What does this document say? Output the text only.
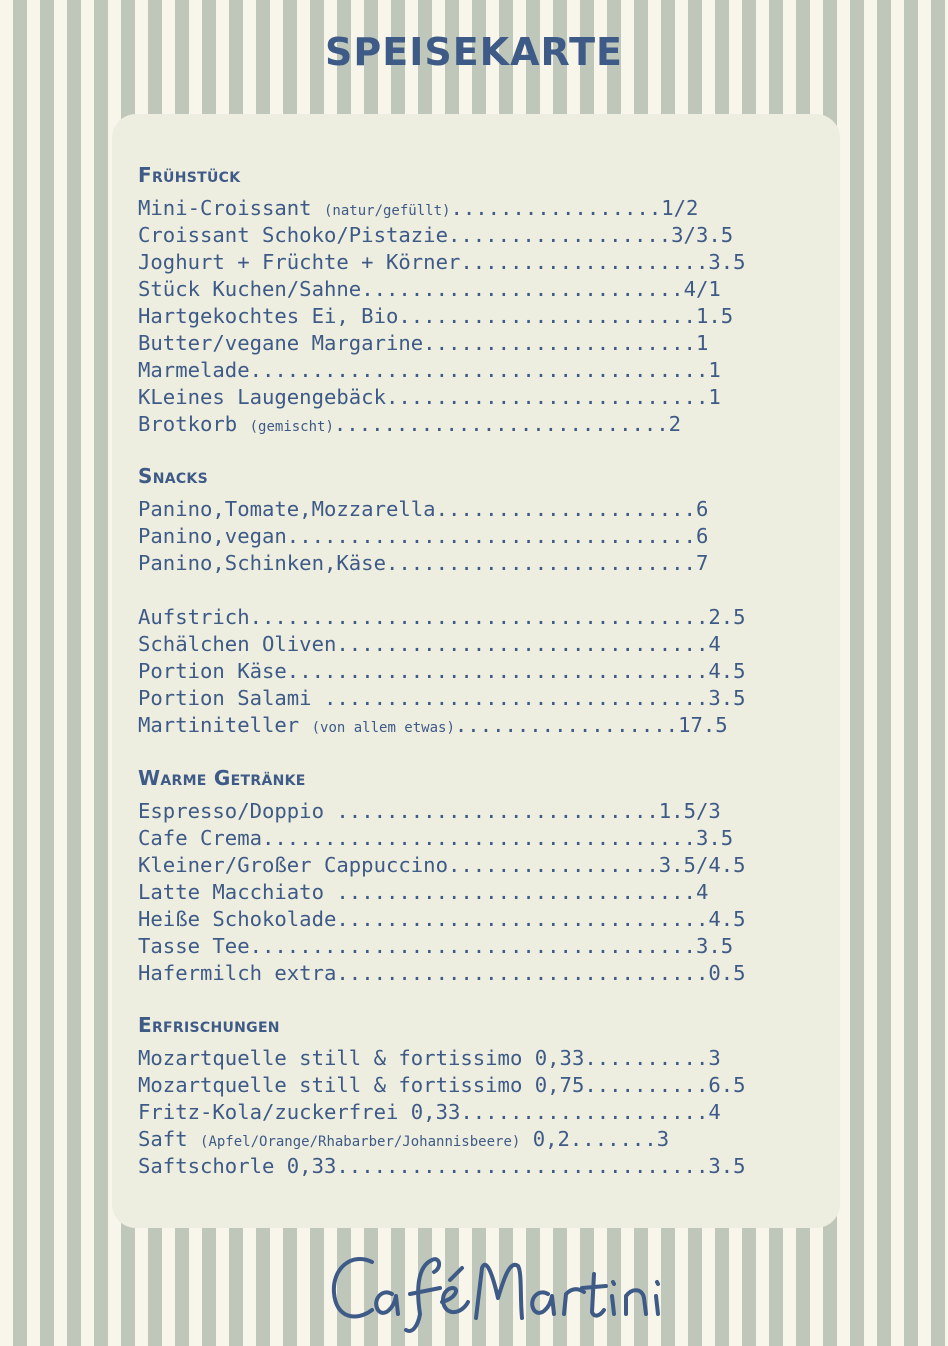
SPEISEKARTE
Frühstück

Mini-Croissant (natur/gefüllt).................1/2

Croissant Schoko/Pistazie..................3/3.5

Joghurt + Früchte + Körner....................3.5

Stück Kuchen/Sahne..........................4/1

Hartgekochtes Ei, Bio........................1.5

Butter/vegane Margarine......................1

Marmelade.....................................1

KLeines Laugengebäck..........................1

Brotkorb (gemischt)...........................2

Snacks

Panino,Tomate,Mozzarella.....................6

Panino,vegan.................................6

Panino,Schinken,Käse.........................7

Aufstrich.....................................2.5

Schälchen Oliven..............................4

Portion Käse..................................4.5

Portion Salami ...............................3.5

Martiniteller (von allem etwas)..................17.5

Warme Getränke

Espresso/Doppio ..........................1.5/3

Cafe Crema...................................3.5

Kleiner/Großer Cappuccino.................3.5/4.5

Latte Macchiato .............................4

Heiße Schokolade..............................4.5

Tasse Tee....................................3.5

Hafermilch extra..............................0.5

Erfrischungen

Mozartquelle still & fortissimo 0,33..........3

Mozartquelle still & fortissimo 0,75..........6.5

Fritz-Kola/zuckerfrei 0,33....................4

Saft (Apfel/Orange/Rhabarber/Johannisbeere) 0,2.......3

Saftschorle 0,33..............................3.5
